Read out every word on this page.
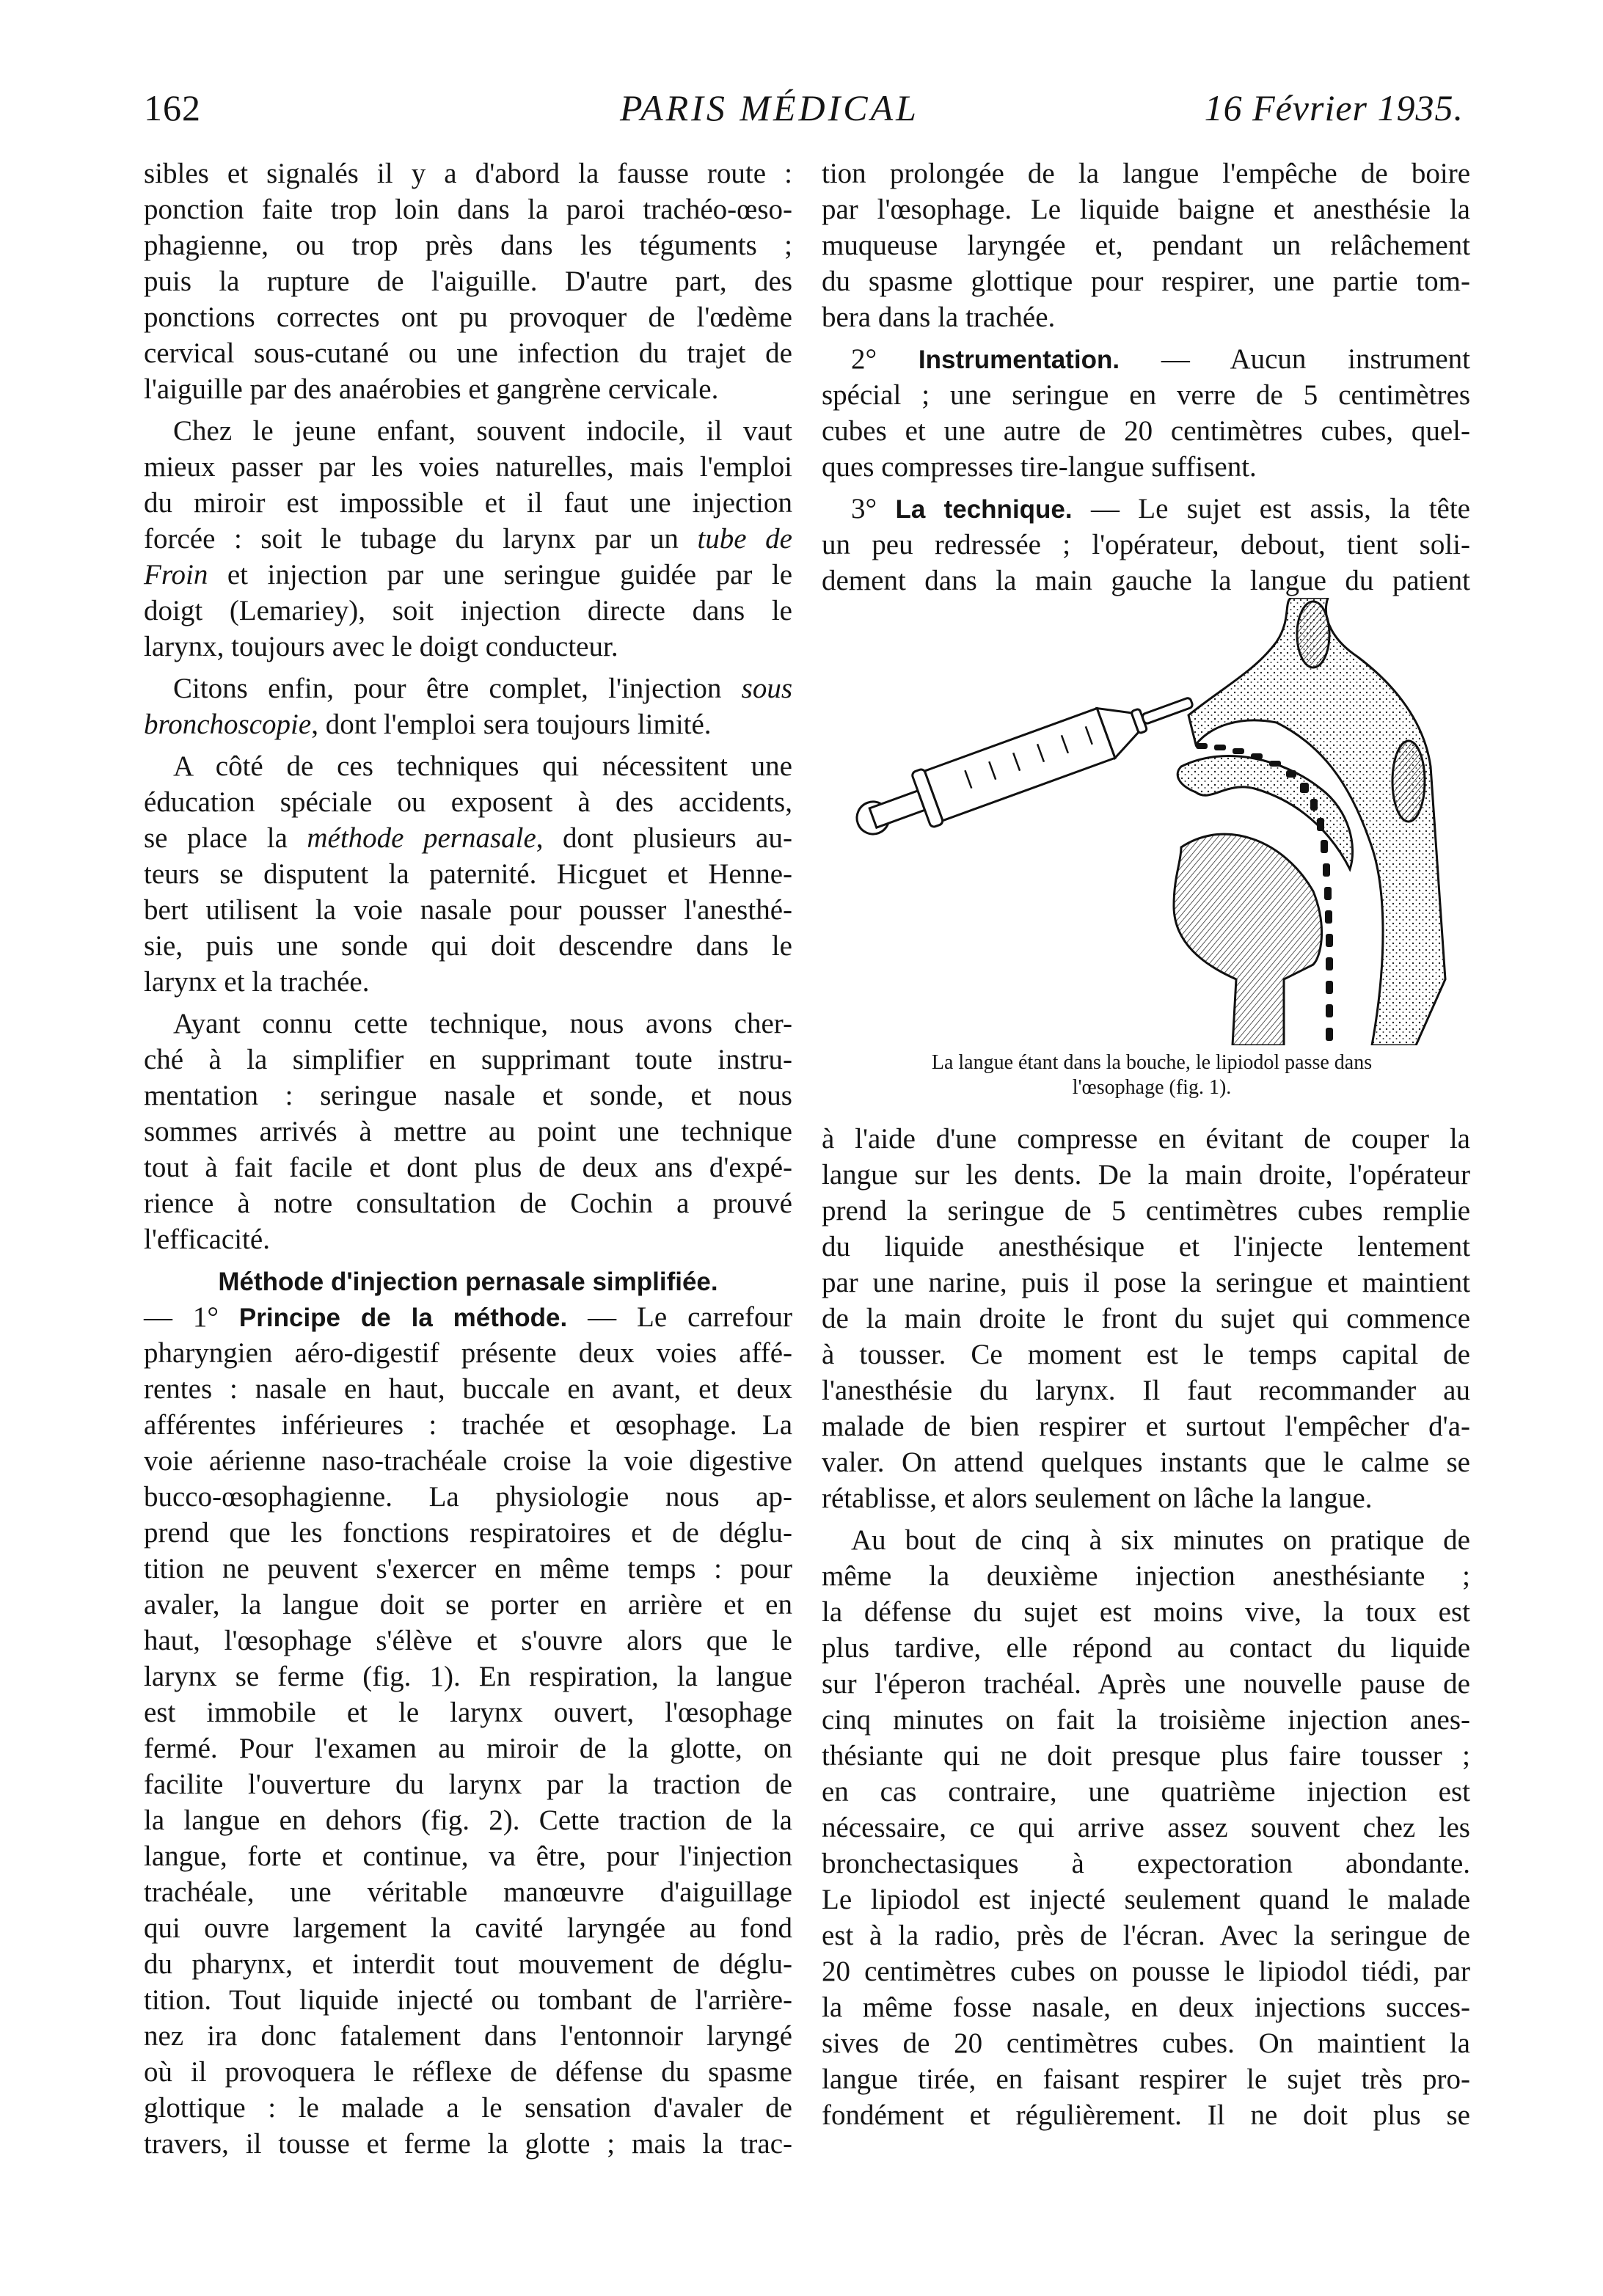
162	PARIS MÉDICAL	16 Février 1935.
sibles et signalés il y a d'abord la fausse route :
ponction faite trop loin dans la paroi trachéo-œso-
phagienne, ou trop près dans les téguments ;
puis la rupture de l'aiguille. D'autre part, des
ponctions correctes ont pu provoquer de l'œdème
cervical sous-cutané ou une infection du trajet de
l'aiguille par des anaérobies et gangrène cervicale.
Chez le jeune enfant, souvent indocile, il vaut
mieux passer par les voies naturelles, mais l'emploi
du miroir est impossible et il faut une injection
forcée : soit le tubage du larynx par un tube de
Froin et injection par une seringue guidée par le
doigt (Lemariey), soit injection directe dans le
larynx, toujours avec le doigt conducteur.
Citons enfin, pour être complet, l'injection sous
bronchoscopie, dont l'emploi sera toujours limité.
A côté de ces techniques qui nécessitent une
éducation spéciale ou exposent à des accidents,
se place la méthode pernasale, dont plusieurs au-
teurs se disputent la paternité. Hicguet et Henne-
bert utilisent la voie nasale pour pousser l'anesthé-
sie, puis une sonde qui doit descendre dans le
larynx et la trachée.
Ayant connu cette technique, nous avons cher-
ché à la simplifier en supprimant toute instru-
mentation : seringue nasale et sonde, et nous
sommes arrivés à mettre au point une technique
tout à fait facile et dont plus de deux ans d'expé-
rience à notre consultation de Cochin a prouvé
l'efficacité.
Méthode d'injection pernasale simplifiée.
— 1° Principe de la méthode. — Le carrefour
pharyngien aéro-digestif présente deux voies affé-
rentes : nasale en haut, buccale en avant, et deux
afférentes inférieures : trachée et œsophage. La
voie aérienne naso-trachéale croise la voie digestive
bucco-œsophagienne. La physiologie nous ap-
prend que les fonctions respiratoires et de déglu-
tition ne peuvent s'exercer en même temps : pour
avaler, la langue doit se porter en arrière et en
haut, l'œsophage s'élève et s'ouvre alors que le
larynx se ferme (fig. 1). En respiration, la langue
est immobile et le larynx ouvert, l'œsophage
fermé. Pour l'examen au miroir de la glotte, on
facilite l'ouverture du larynx par la traction de
la langue en dehors (fig. 2). Cette traction de la
langue, forte et continue, va être, pour l'injection
trachéale, une véritable manœuvre d'aiguillage
qui ouvre largement la cavité laryngée au fond
du pharynx, et interdit tout mouvement de déglu-
tition. Tout liquide injecté ou tombant de l'arrière-
nez ira donc fatalement dans l'entonnoir laryngé
où il provoquera le réflexe de défense du spasme
glottique : le malade a le sensation d'avaler de
travers, il tousse et ferme la glotte ; mais la trac-
tion prolongée de la langue l'empêche de boire
par l'œsophage. Le liquide baigne et anesthésie la
muqueuse laryngée et, pendant un relâchement
du spasme glottique pour respirer, une partie tom-
bera dans la trachée.
2° Instrumentation. — Aucun instrument
spécial ; une seringue en verre de 5 centimètres
cubes et une autre de 20 centimètres cubes, quel-
ques compresses tire-langue suffisent.
3° La technique. — Le sujet est assis, la tête
un peu redressée ; l'opérateur, debout, tient soli-
dement dans la main gauche la langue du patient
La langue étant dans la bouche, le lipiodol passe dans
l'œsophage (fig. 1).
à l'aide d'une compresse en évitant de couper la
langue sur les dents. De la main droite, l'opérateur
prend la seringue de 5 centimètres cubes remplie
du liquide anesthésique et l'injecte lentement
par une narine, puis il pose la seringue et maintient
de la main droite le front du sujet qui commence
à tousser. Ce moment est le temps capital de
l'anesthésie du larynx. Il faut recommander au
malade de bien respirer et surtout l'empêcher d'a-
valer. On attend quelques instants que le calme se
rétablisse, et alors seulement on lâche la langue.
Au bout de cinq à six minutes on pratique de
même la deuxième injection anesthésiante ;
la défense du sujet est moins vive, la toux est
plus tardive, elle répond au contact du liquide
sur l'éperon trachéal. Après une nouvelle pause de
cinq minutes on fait la troisième injection anes-
thésiante qui ne doit presque plus faire tousser ;
en cas contraire, une quatrième injection est
nécessaire, ce qui arrive assez souvent chez les
bronchectasiques à expectoration abondante.
Le lipiodol est injecté seulement quand le malade
est à la radio, près de l'écran. Avec la seringue de
20 centimètres cubes on pousse le lipiodol tiédi, par
la même fosse nasale, en deux injections succes-
sives de 20 centimètres cubes. On maintient la
langue tirée, en faisant respirer le sujet très pro-
fondément et régulièrement. Il ne doit plus se
